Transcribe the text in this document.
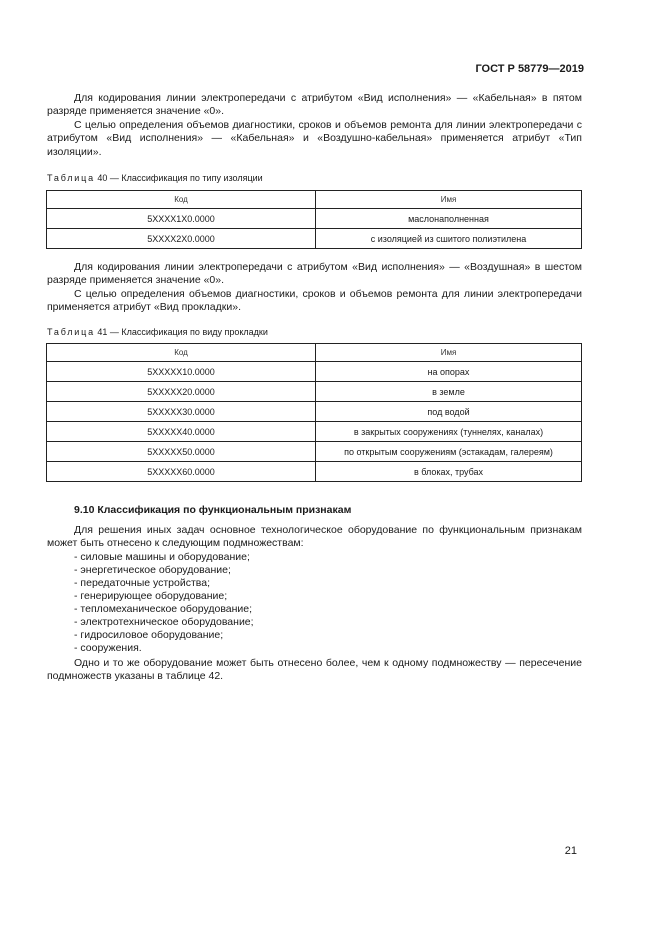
ГОСТ Р 58779—2019

Для кодирования линии электропередачи с атрибутом «Вид исполнения» — «Кабельная» в пятом разряде применяется значение «0».

С целью определения объемов диагностики, сроков и объемов ремонта для линии электропередачи с атрибутом «Вид исполнения» — «Кабельная» и «Воздушно-кабельная» применяется атрибут «Тип изоляции».

Таблица 40 — Классификация по типу изоляции
Код	Имя
5XXXX1X0.0000	маслонаполненная
5XXXX2X0.0000	с изоляцией из сшитого полиэтилена

Для кодирования линии электропередачи с атрибутом «Вид исполнения» — «Воздушная» в шестом разряде применяется значение «0».

С целью определения объемов диагностики, сроков и объемов ремонта для линии электропередачи применяется атрибут «Вид прокладки».

Таблица 41 — Классификация по виду прокладки
Код	Имя
5XXXXX10.0000	на опорах
5XXXXX20.0000	в земле
5XXXXX30.0000	под водой
5XXXXX40.0000	в закрытых сооружениях (туннелях, каналах)
5XXXXX50.0000	по открытым сооружениям (эстакадам, галереям)
5XXXXX60.0000	в блоках, трубах
9.10 Классификация по функциональным признакам

Для решения иных задач основное технологическое оборудование по функциональным признакам может быть отнесено к следующим подмножествам:

- силовые машины и оборудование;
- энергетическое оборудование;
- передаточные устройства;
- генерирующее оборудование;
- тепломеханическое оборудование;
- электротехническое оборудование;
- гидросиловое оборудование;
- сооружения.

Одно и то же оборудование может быть отнесено более, чем к одному подмножеству — пересечение подмножеств указаны в таблице 42.

21
